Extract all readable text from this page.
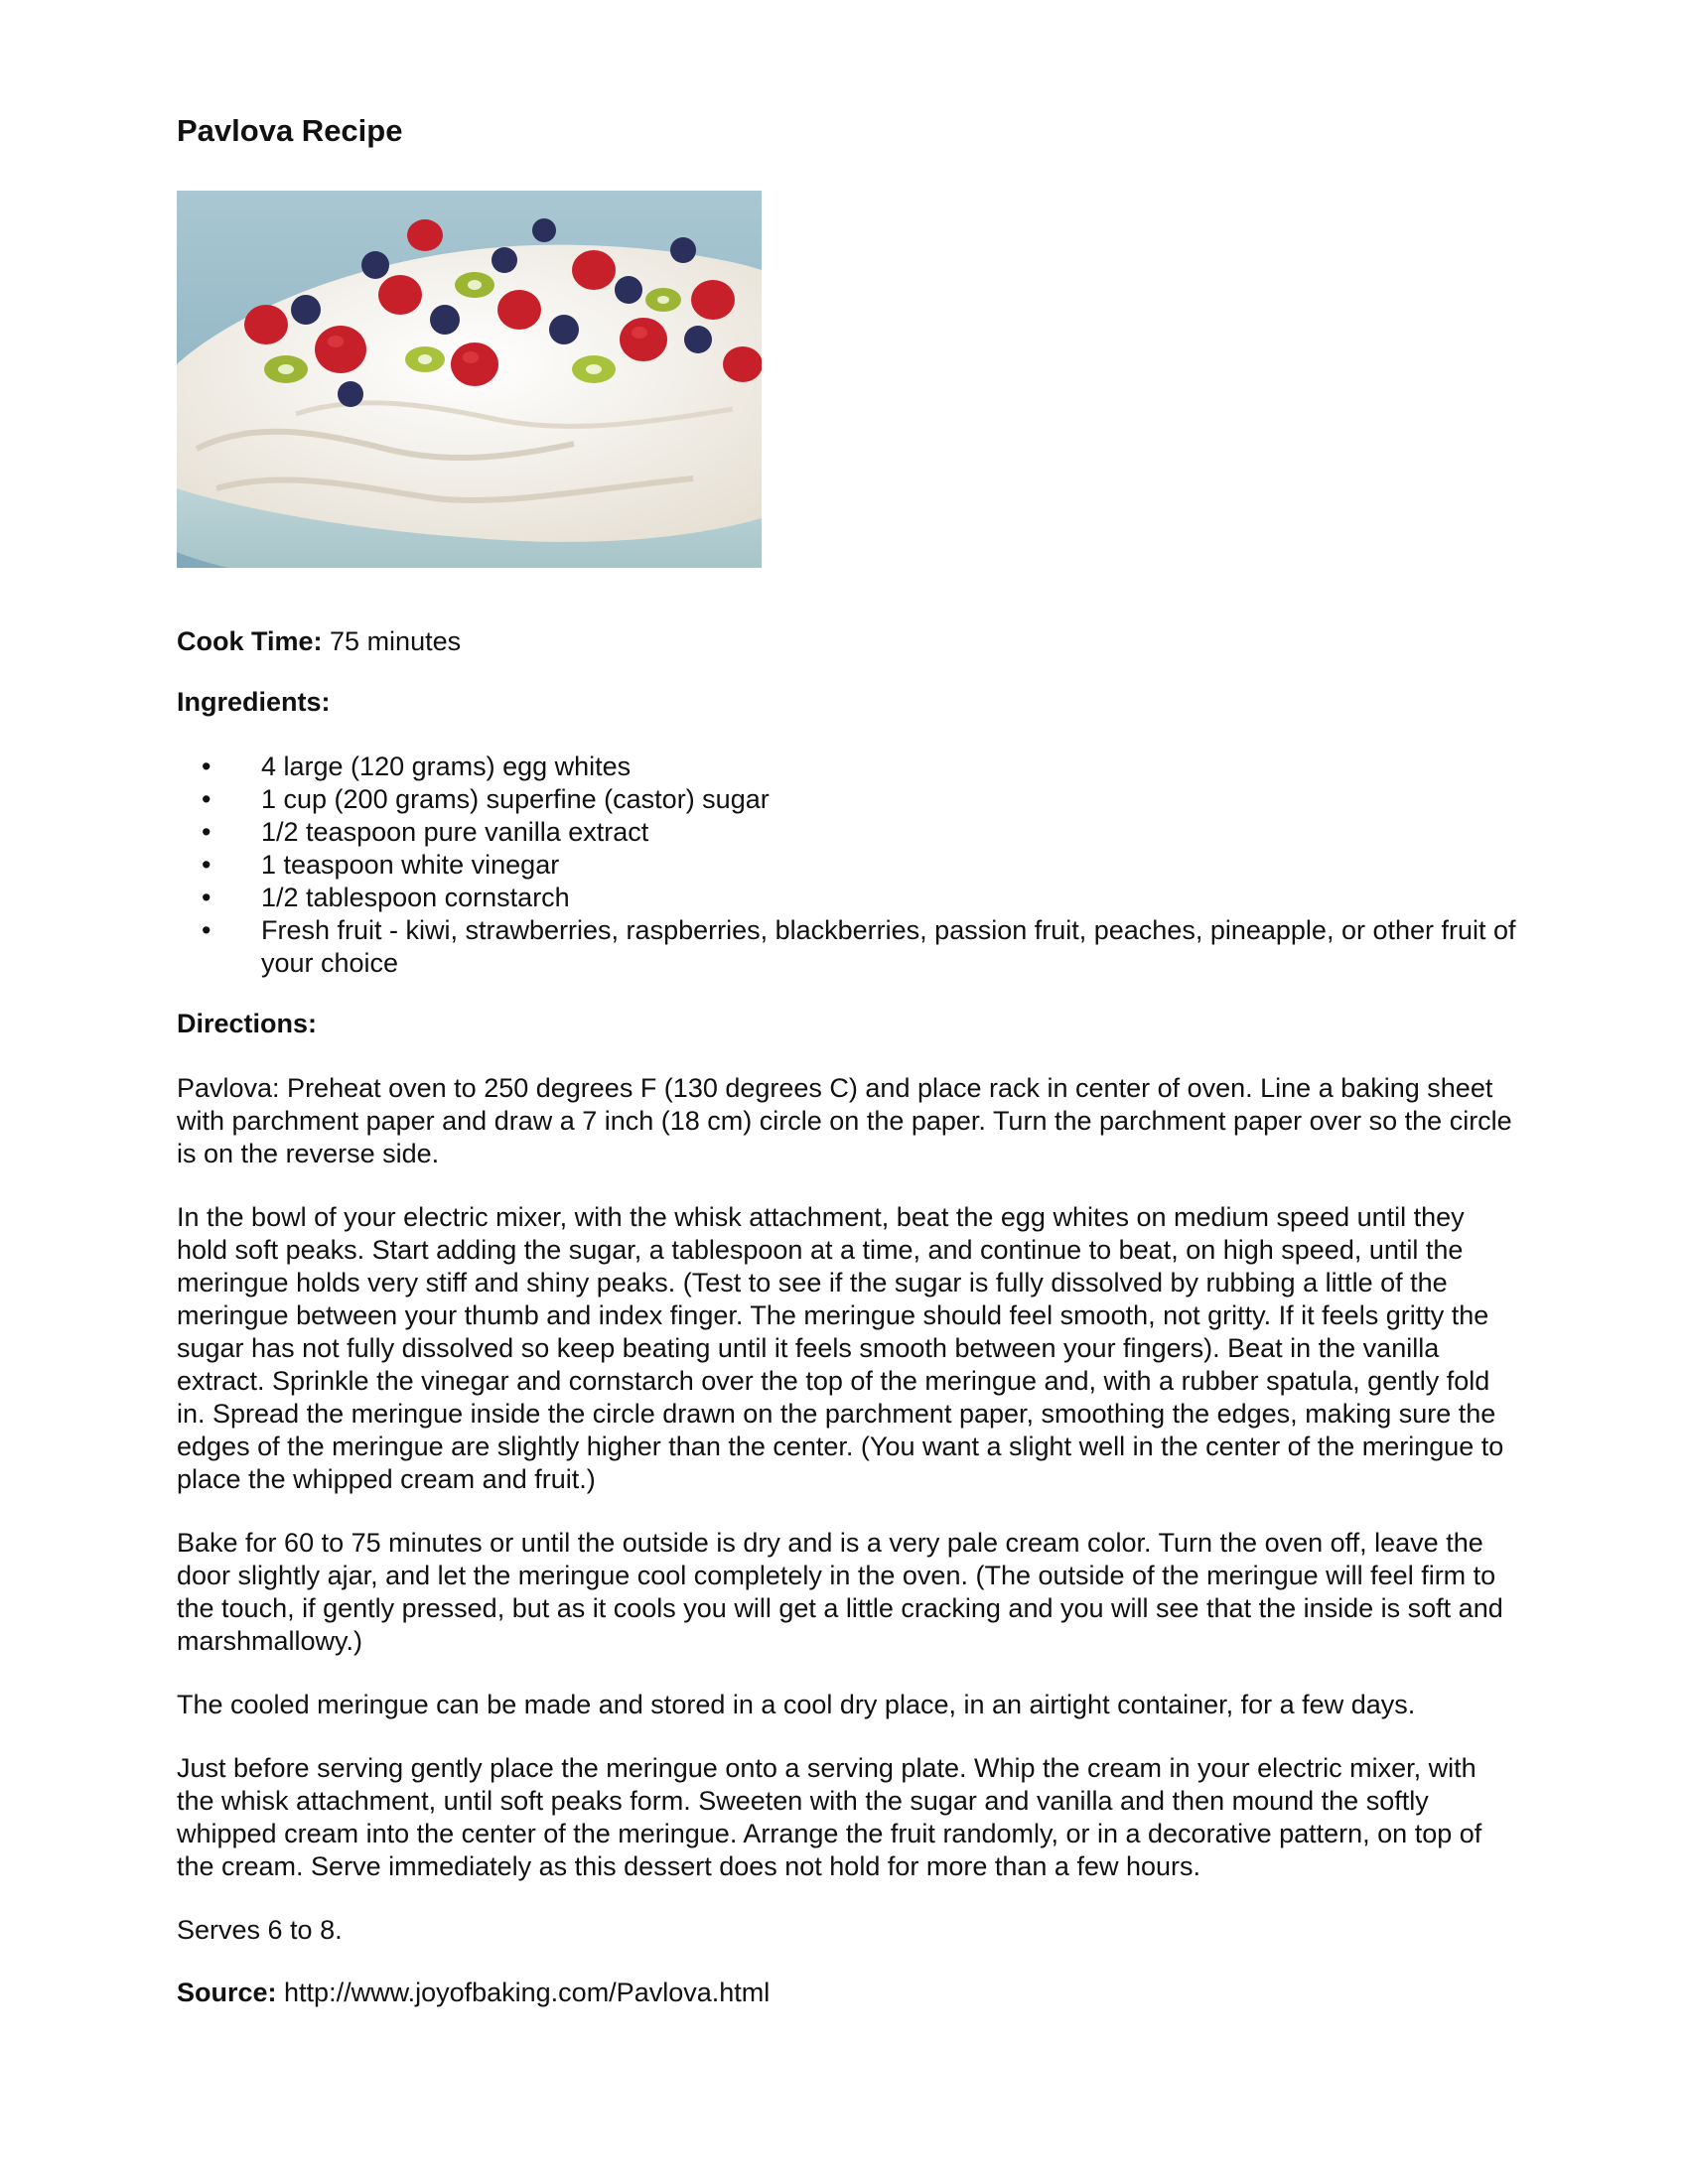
Pavlova Recipe
Cook Time: 75 minutes
Ingredients:
• 4 large (120 grams) egg whites
• 1 cup (200 grams) superfine (castor) sugar
• 1/2 teaspoon pure vanilla extract
• 1 teaspoon white vinegar
• 1/2 tablespoon cornstarch
• Fresh fruit - kiwi, strawberries, raspberries, blackberries, passion fruit, peaches, pineapple, or other fruit of your choice
Directions:

Pavlova: Preheat oven to 250 degrees F (130 degrees C) and place rack in center of oven. Line a baking sheet with parchment paper and draw a 7 inch (18 cm) circle on the paper. Turn the parchment paper over so the circle is on the reverse side.

In the bowl of your electric mixer, with the whisk attachment, beat the egg whites on medium speed until they hold soft peaks. Start adding the sugar, a tablespoon at a time, and continue to beat, on high speed, until the meringue holds very stiff and shiny peaks. (Test to see if the sugar is fully dissolved by rubbing a little of the meringue between your thumb and index finger. The meringue should feel smooth, not gritty. If it feels gritty the sugar has not fully dissolved so keep beating until it feels smooth between your fingers). Beat in the vanilla extract. Sprinkle the vinegar and cornstarch over the top of the meringue and, with a rubber spatula, gently fold in. Spread the meringue inside the circle drawn on the parchment paper, smoothing the edges, making sure the edges of the meringue are slightly higher than the center. (You want a slight well in the center of the meringue to place the whipped cream and fruit.)

Bake for 60 to 75 minutes or until the outside is dry and is a very pale cream color. Turn the oven off, leave the door slightly ajar, and let the meringue cool completely in the oven. (The outside of the meringue will feel firm to the touch, if gently pressed, but as it cools you will get a little cracking and you will see that the inside is soft and marshmallowy.)

The cooled meringue can be made and stored in a cool dry place, in an airtight container, for a few days.

Just before serving gently place the meringue onto a serving plate. Whip the cream in your electric mixer, with the whisk attachment, until soft peaks form. Sweeten with the sugar and vanilla and then mound the softly whipped cream into the center of the meringue. Arrange the fruit randomly, or in a decorative pattern, on top of the cream. Serve immediately as this dessert does not hold for more than a few hours.

Serves 6 to 8.

Source: http://www.joyofbaking.com/Pavlova.html
